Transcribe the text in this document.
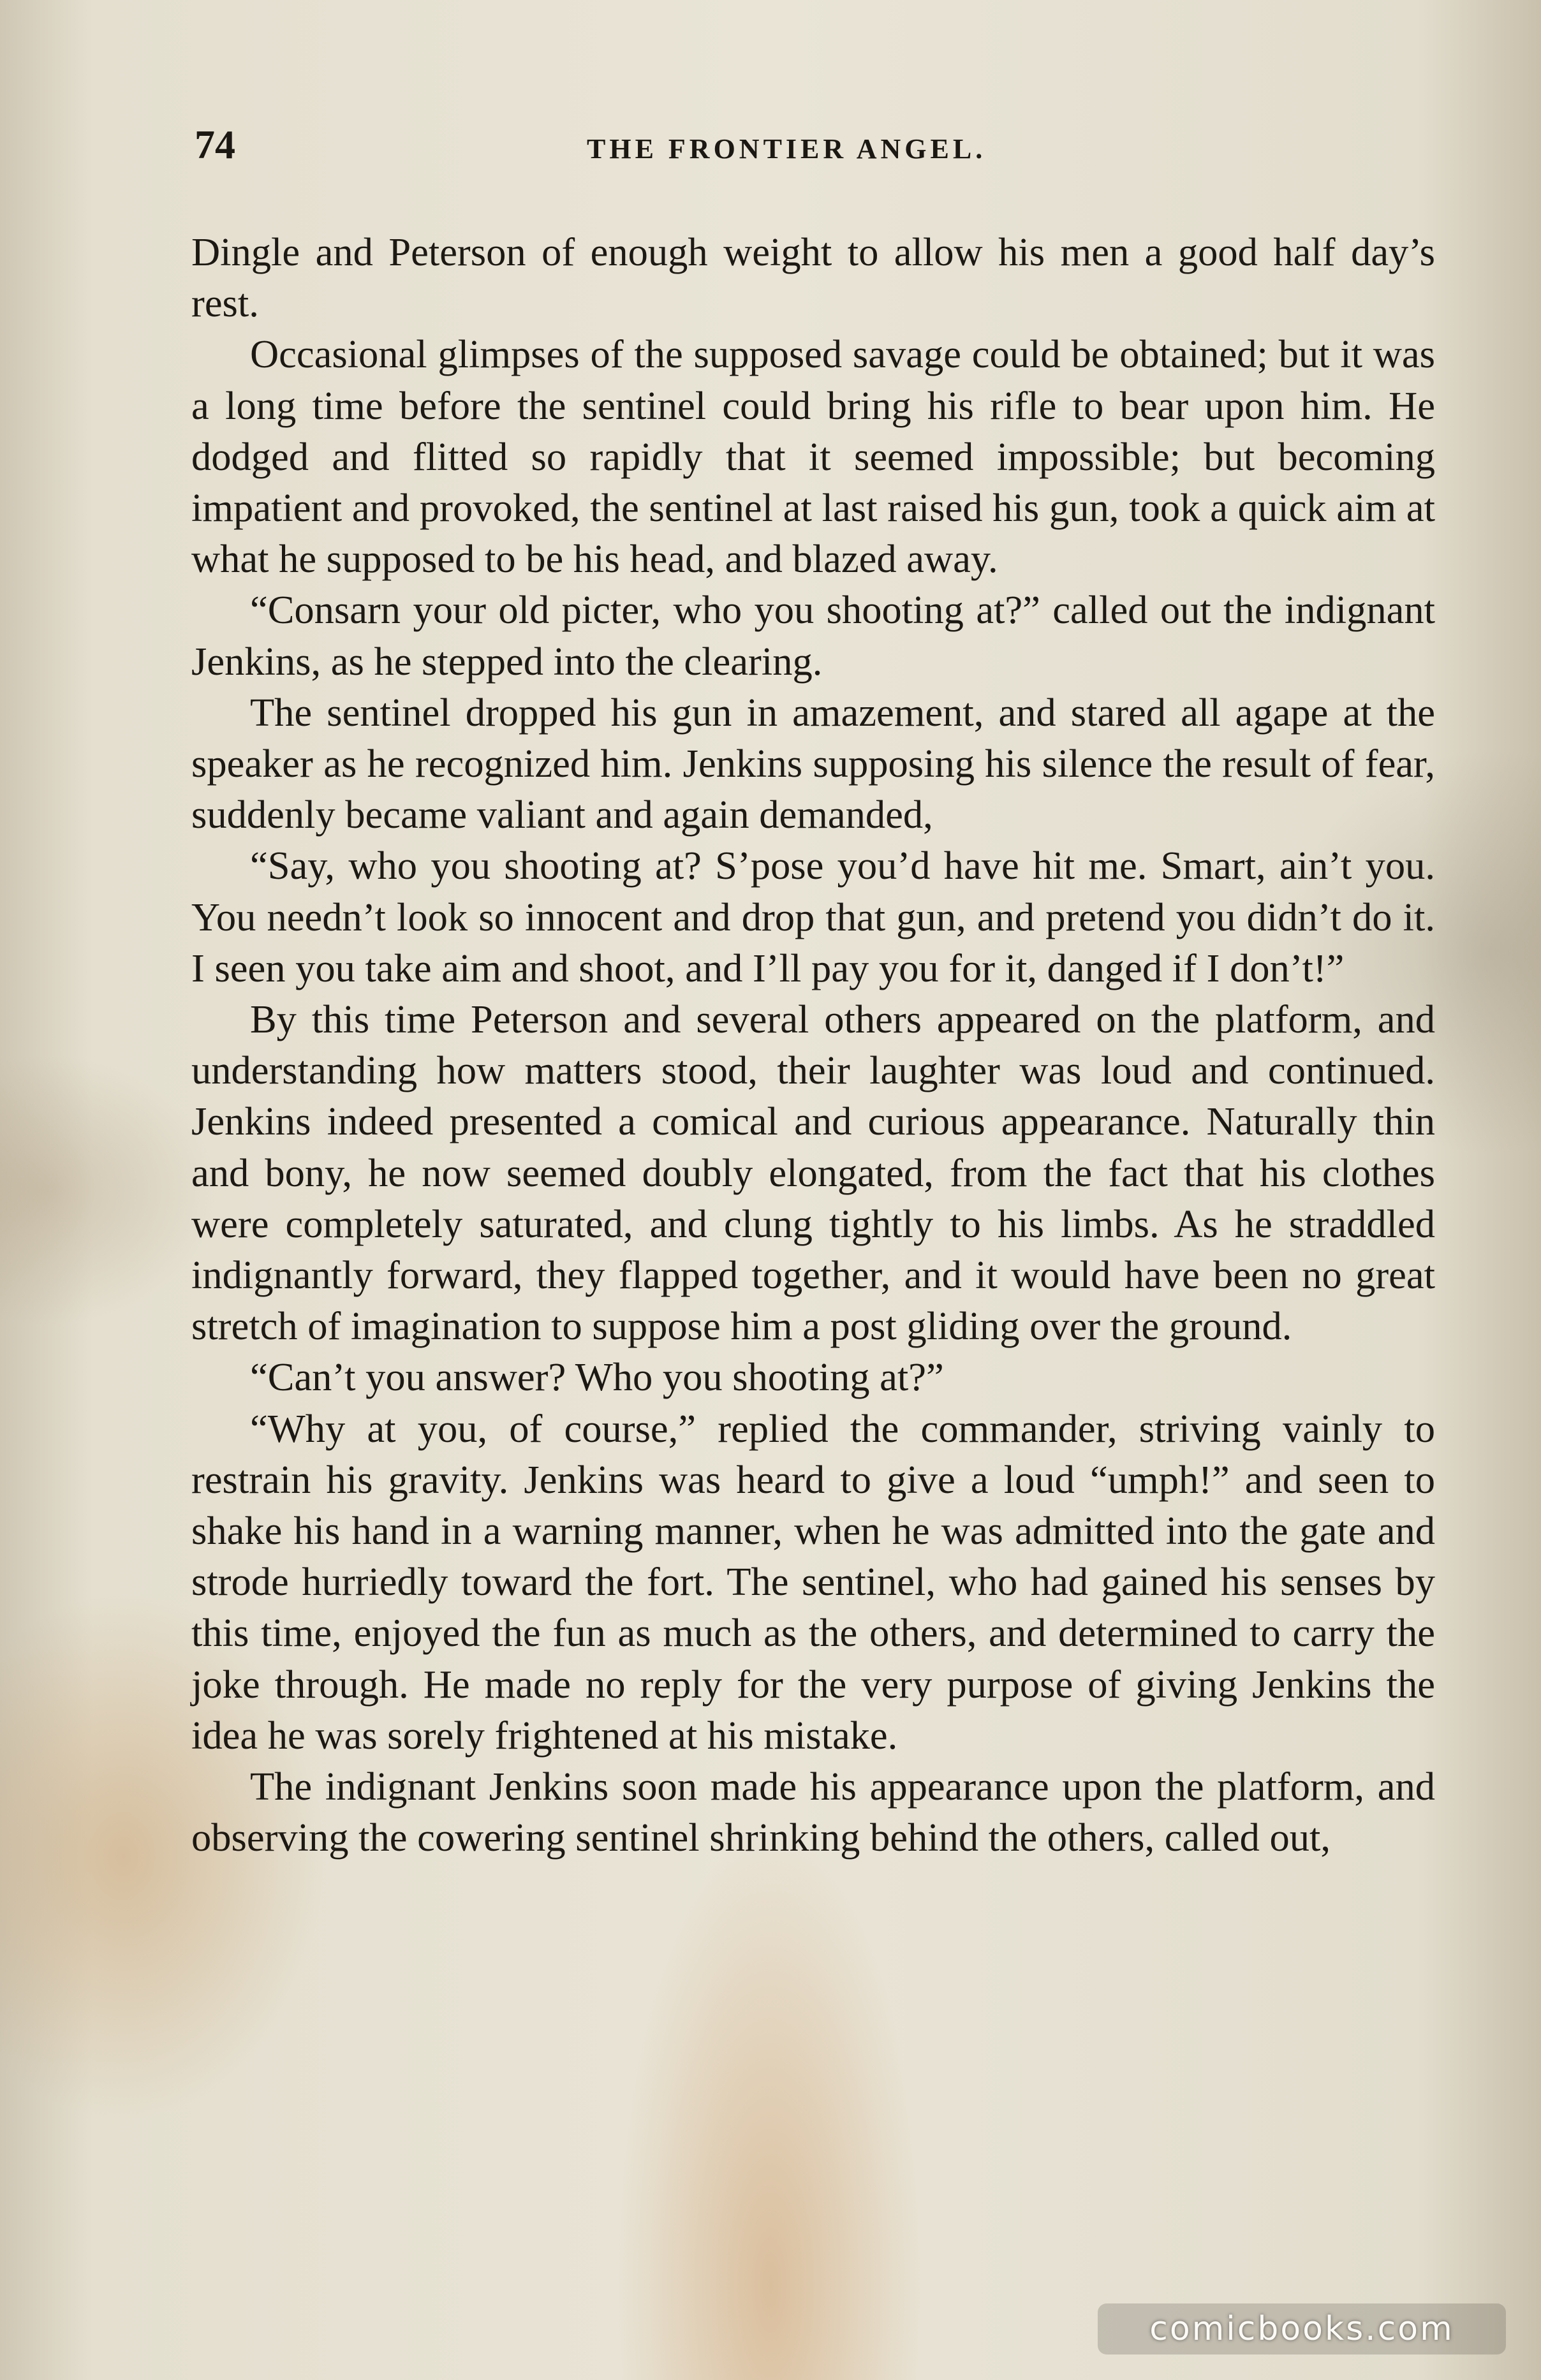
74	THE FRONTIER ANGEL.

Dingle and Peterson of enough weight to allow his men a good half day’s rest.

Occasional glimpses of the supposed savage could be obtained; but it was a long time before the sentinel could bring his rifle to bear upon him. He dodged and flitted so rapidly that it seemed impossible; but becoming impatient and provoked, the sentinel at last raised his gun, took a quick aim at what he supposed to be his head, and blazed away.

“Consarn your old picter, who you shooting at?” called out the indignant Jenkins, as he stepped into the clearing.

The sentinel dropped his gun in amazement, and stared all agape at the speaker as he recognized him. Jenkins supposing his silence the result of fear, suddenly became valiant and again demanded,

“Say, who you shooting at? S’pose you’d have hit me. Smart, ain’t you. You needn’t look so innocent and drop that gun, and pretend you didn’t do it. I seen you take aim and shoot, and I’ll pay you for it, danged if I don’t!”

By this time Peterson and several others appeared on the platform, and understanding how matters stood, their laughter was loud and continued. Jenkins indeed presented a comical and curious appearance. Naturally thin and bony, he now seemed doubly elongated, from the fact that his clothes were completely saturated, and clung tightly to his limbs. As he straddled indignantly forward, they flapped together, and it would have been no great stretch of imagination to suppose him a post gliding over the ground.

“Can’t you answer? Who you shooting at?”

“Why at you, of course,” replied the commander, striving vainly to restrain his gravity. Jenkins was heard to give a loud “umph!” and seen to shake his hand in a warning manner, when he was admitted into the gate and strode hurriedly toward the fort. The sentinel, who had gained his senses by this time, enjoyed the fun as much as the others, and determined to carry the joke through. He made no reply for the very purpose of giving Jenkins the idea he was sorely frightened at his mistake.

The indignant Jenkins soon made his appearance upon the platform, and observing the cowering sentinel shrinking behind the others, called out,

comicbooks.com
